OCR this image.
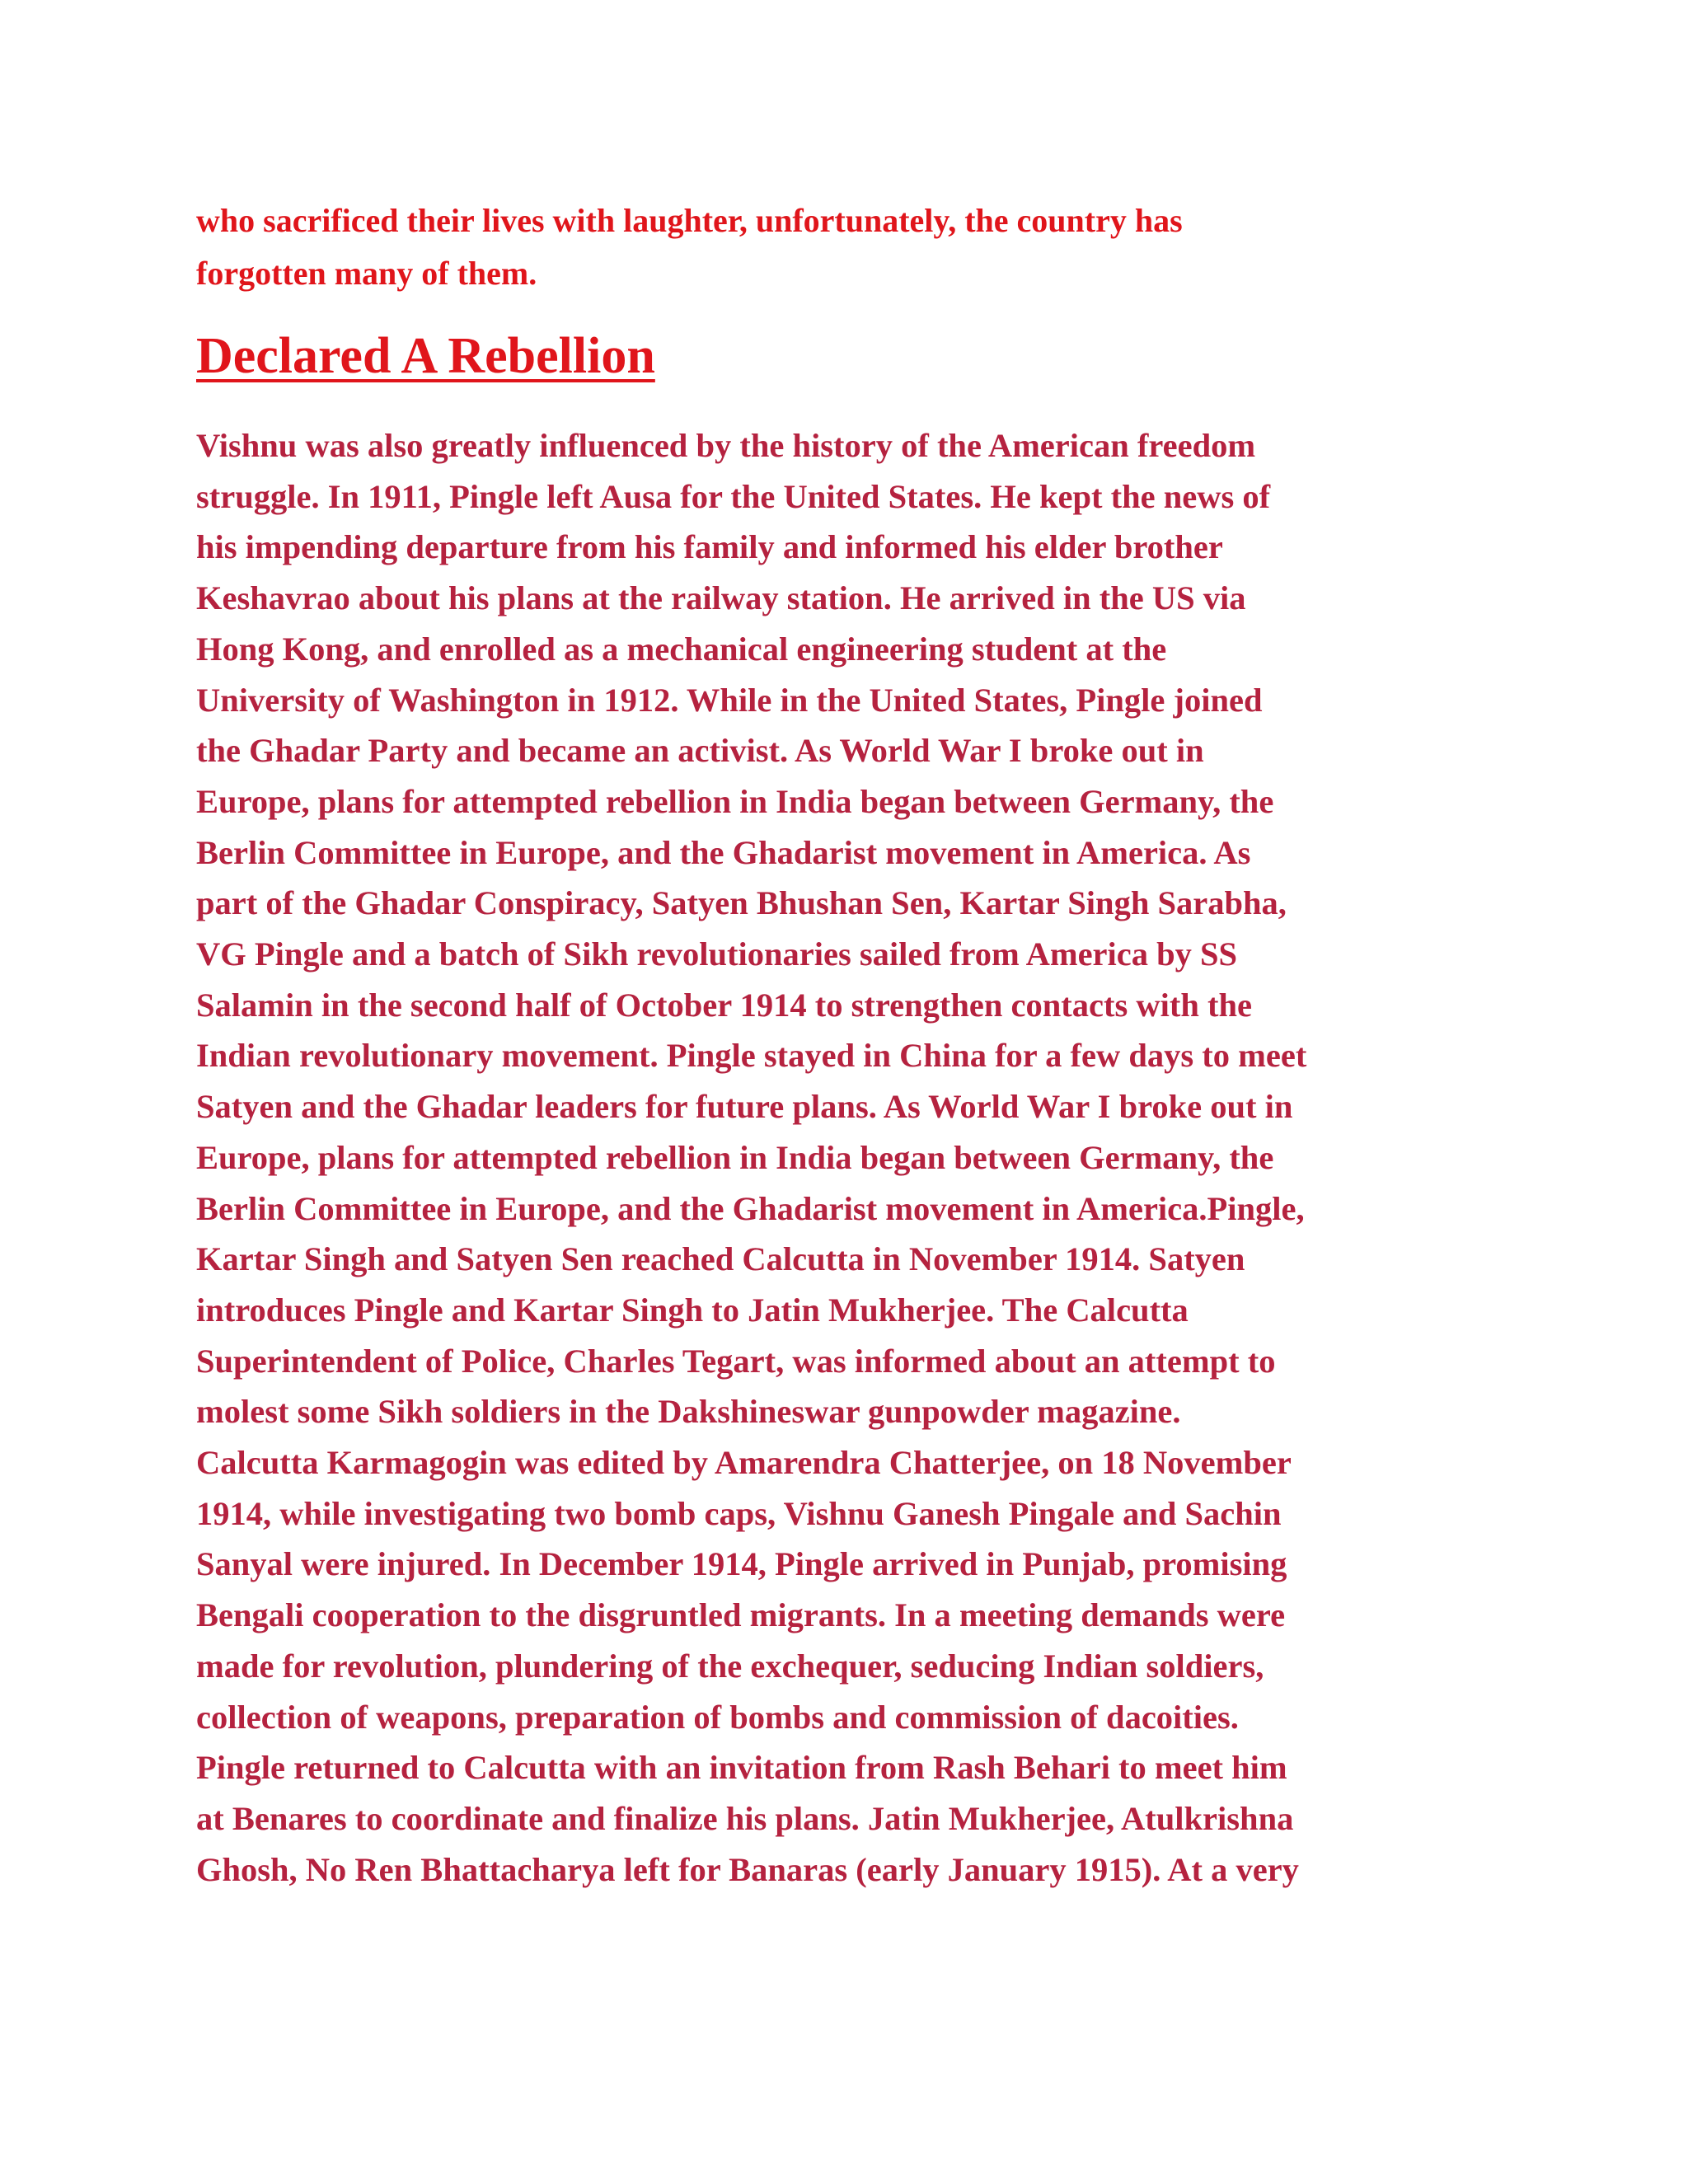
who sacrificed their lives with laughter, unfortunately, the country has
forgotten many of them.

Declared A Rebellion

Vishnu was also greatly influenced by the history of the American freedom
struggle. In 1911, Pingle left Ausa for the United States. He kept the news of
his impending departure from his family and informed his elder brother
Keshavrao about his plans at the railway station. He arrived in the US via
Hong Kong, and enrolled as a mechanical engineering student at the
University of Washington in 1912. While in the United States, Pingle joined
the Ghadar Party and became an activist. As World War I broke out in
Europe, plans for attempted rebellion in India began between Germany, the
Berlin Committee in Europe, and the Ghadarist movement in America. As
part of the Ghadar Conspiracy, Satyen Bhushan Sen, Kartar Singh Sarabha,
VG Pingle and a batch of Sikh revolutionaries sailed from America by SS
Salamin in the second half of October 1914 to strengthen contacts with the
Indian revolutionary movement. Pingle stayed in China for a few days to meet
Satyen and the Ghadar leaders for future plans. As World War I broke out in
Europe, plans for attempted rebellion in India began between Germany, the
Berlin Committee in Europe, and the Ghadarist movement in America.Pingle,
Kartar Singh and Satyen Sen reached Calcutta in November 1914. Satyen
introduces Pingle and Kartar Singh to Jatin Mukherjee. The Calcutta
Superintendent of Police, Charles Tegart, was informed about an attempt to
molest some Sikh soldiers in the Dakshineswar gunpowder magazine.
Calcutta Karmagogin was edited by Amarendra Chatterjee, on 18 November
1914, while investigating two bomb caps, Vishnu Ganesh Pingale and Sachin
Sanyal were injured. In December 1914, Pingle arrived in Punjab, promising
Bengali cooperation to the disgruntled migrants. In a meeting demands were
made for revolution, plundering of the exchequer, seducing Indian soldiers,
collection of weapons, preparation of bombs and commission of dacoities.
Pingle returned to Calcutta with an invitation from Rash Behari to meet him
at Benares to coordinate and finalize his plans. Jatin Mukherjee, Atulkrishna
Ghosh, No Ren Bhattacharya left for Banaras (early January 1915). At a very
